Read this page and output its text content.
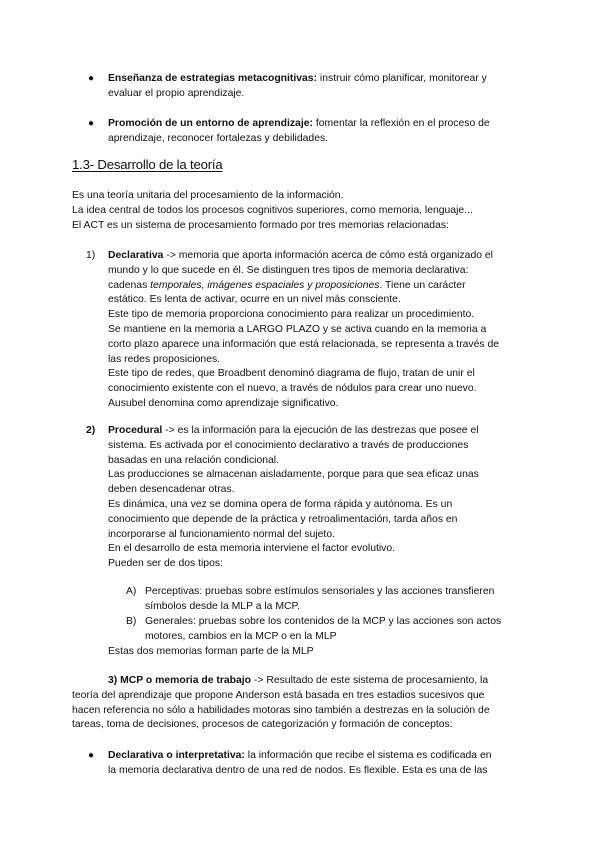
● Enseñanza de estrategias metacognitivas: instruir cómo planificar, monitorear y
evaluar el propio aprendizaje.
● Promoción de un entorno de aprendizaje: fomentar la reflexión en el proceso de
aprendizaje, reconocer fortalezas y debilidades.
1.3- Desarrollo de la teoría
Es una teoría unitaria del procesamiento de la información.
La idea central de todos los procesos cognitivos superiores, como memoria, lenguaje...
El ACT es un sistema de procesamiento formado por tres memorias relacionadas:
1) Declarativa -> memoria que aporta información acerca de cómo está organizado el
mundo y lo que sucede en él. Se distinguen tres tipos de memoria declarativa:
cadenas temporales, imágenes espaciales y proposiciones. Tiene un carácter
estático. Es lenta de activar, ocurre en un nivel más consciente.
Este tipo de memoria proporciona conocimiento para realizar un procedimiento.
Se mantiene en la memoria a LARGO PLAZO y se activa cuando en la memoria a
corto plazo aparece una información que está relacionada, se representa a través de
las redes proposiciones.
Este tipo de redes, que Broadbent denominó diagrama de flujo, tratan de unir el
conocimiento existente con el nuevo, a través de nódulos para crear uno nuevo.
Ausubel denomina como aprendizaje significativo.
2) Procedural -> es la información para la ejecución de las destrezas que posee el
sistema. Es activada por el conocimiento declarativo a través de producciones
basadas en una relación condicional.
Las producciones se almacenan aisladamente, porque para que sea eficaz unas
deben desencadenar otras.
Es dinámica, una vez se domina opera de forma rápida y autónoma. Es un
conocimiento que depende de la práctica y retroalimentación, tarda años en
incorporarse al funcionamiento normal del sujeto.
En el desarrollo de esta memoria interviene el factor evolutivo.
Pueden ser de dos tipos:
A) Perceptivas: pruebas sobre estímulos sensoriales y las acciones transfieren
símbolos desde la MLP a la MCP.
B) Generales: pruebas sobre los contenidos de la MCP y las acciones son actos
motores, cambios en la MCP o en la MLP
Estas dos memorias forman parte de la MLP
3) MCP o memoria de trabajo -> Resultado de este sistema de procesamiento, la
teoría del aprendizaje que propone Anderson está basada en tres estadios sucesivos que
hacen referencia no sólo a habilidades motoras sino también a destrezas en la solución de
tareas, toma de decisiones, procesos de categorización y formación de conceptos:
● Declarativa o interpretativa: la información que recibe el sistema es codificada en
la memoria declarativa dentro de una red de nodos. Es flexible. Esta es una de las
